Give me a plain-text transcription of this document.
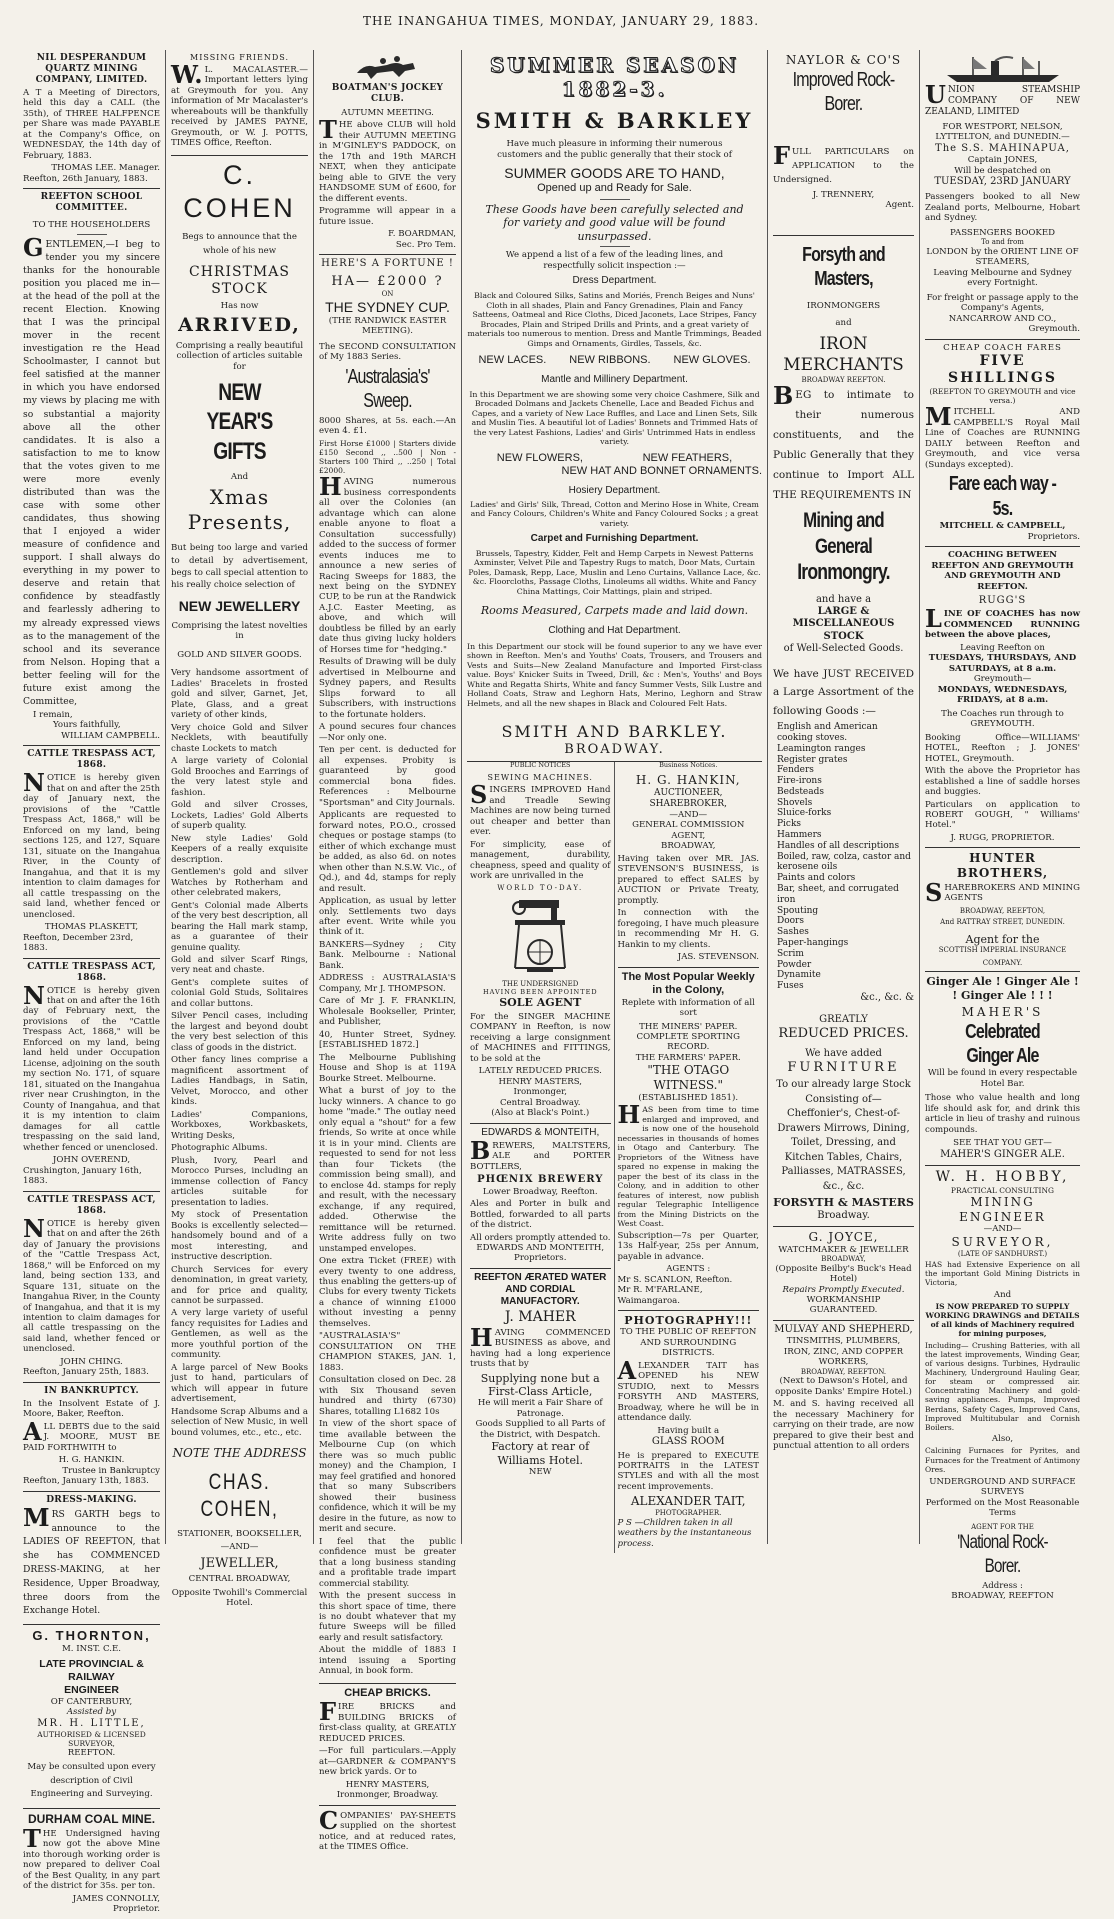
THE INANGAHUA TIMES, MONDAY, JANUARY 29, 1883.
NIL DESPERANDUM QUARTZ MINING COMPANY, LIMITED.

A T a Meeting of Directors, held this day a CALL (the 35th), of THREE HALFPENCE per Share was made PAYABLE at the Company's Office, on WEDNESDAY, the 14th day of February, 1883.

THOMAS LEE. Manager.
Reefton, 26th January, 1883.
REEFTON SCHOOL COMMITTEE.
TO THE HOUSEHOLDERS

GENTLEMEN,—I beg to tender you my sincere thanks for the honourable position you placed me in—at the head of the poll at the recent Election. Knowing that I was the principal mover in the recent investigation re the Head Schoolmaster, I cannot but feel satisfied at the manner in which you have endorsed my views by placing me with so substantial a majority above all the other candidates. It is also a satisfaction to me to know that the votes given to me were more evenly distributed than was the case with some other candidates, thus showing that I enjoyed a wider measure of confidence and support. I shall always do everything in my power to deserve and retain that confidence by steadfastly and fearlessly adhering to my already expressed views as to the management of the school and its severance from Nelson. Hoping that a better feeling will for the future exist among the Committee,

I remain,
Yours faithfully,
WILLIAM CAMPBELL.
CATTLE TRESPASS ACT, 1868.

NOTICE is hereby given that on and after the 25th day of January next, the provisions of the "Cattle Trespass Act, 1868," will be Enforced on my land, being sections 125, and 127, Square 131, situate on the Inangahua River, in the County of Inangahua, and that it is my intention to claim damages for all cattle trespassing on the said land, whether fenced or unenclosed.

THOMAS PLASKETT,
Reefton, December 23rd, 1883.
CATTLE TRESPASS ACT, 1868.

NOTICE is hereby given that on and after the 16th day of February next, the provisions of the "Cattle Trespass Act, 1868," will be Enforced on my land, being land held under Occupation License, adjoining on the south my section No. 171, of square 181, situated on the Inangahua river near Crushington, in the County of Inangahua, and that it is my intention to claim damages for all cattle trespassing on the said land, whether fenced or unenclosed.

JOHN OVEREND,
Crushington, January 16th, 1883.
CATTLE TRESPASS ACT, 1868.

NOTICE is hereby given that on and after the 26th day of January the provisions of the "Cattle Trespass Act, 1868," will be Enforced on my land, being section 133, and Square 131, situate on the Inangahua River, in the County of Inangahua, and that it is my intention to claim damages for all cattle trespassing on the said land, whether fenced or unenclosed.

JOHN CHING.
Reefton, January 25th, 1883.
IN BANKRUPTCY.

In the Insolvent Estate of J. Moore, Baker, Reefton.

ALL DEBTS due to the said J. MOORE, MUST BE PAID FORTHWITH to

H. G. HANKIN.
Trustee in Bankruptcy
Reefton, January 13th, 1883.
DRESS-MAKING.

MRS GARTH begs to announce to the LADIES OF REEFTON, that she has COMMENCED DRESS-MAKING, at her Residence, Upper Broadway, three doors from the Exchange Hotel.

G. THORNTON,
M. INST. C.E.
LATE PROVINCIAL & RAILWAY
ENGINEER
OF CANTERBURY,
Assisted by
MR. H. LITTLE,
AUTHORISED & LICENSED SURVEYOR,
REEFTON.

May be consulted upon every description of Civil Engineering and Surveying.

DURHAM COAL MINE.

THE Undersigned having now got the above Mine into thorough working order is now prepared to deliver Coal of the Best Quality, in any part of the district for 35s. per ton.

JAMES CONNOLLY,
Proprietor.
MISSING FRIENDS.

W.L. MACALASTER.—Important letters lying at Greymouth for you. Any information of Mr Macalaster's whereabouts will be thankfully received by JAMES PAYNE, Greymouth, or W. J. POTTS, TIMES Office, Reefton.

C. COHEN
Begs to announce that the whole of his new
CHRISTMAS STOCK
Has now
ARRIVED,
Comprising a really beautiful collection of articles suitable for
NEW YEAR'S GIFTS
And
Xmas Presents,

But being too large and varied to detail by advertisement, begs to call special attention to his really choice selection of

NEW JEWELLERY
Comprising the latest novelties in
GOLD AND SILVER GOODS.

Very handsome assortment of Ladies' Bracelets in frosted gold and silver, Garnet, Jet, Plate, Glass, and a great variety of other kinds,

Very choice Gold and Silver Necklets, with beautifully chaste Lockets to match

A large variety of Colonial Gold Brooches and Earrings of the very latest style and fashion.

Gold and silver Crosses, Lockets, Ladies' Gold Alberts of superb quality.

New style Ladies' Gold Keepers of a really exquisite description.

Gentlemen's gold and silver Watches by Rotherham and other celebrated makers,

Gent's Colonial made Alberts of the very best description, all bearing the Hall mark stamp, as a guarantee of their genuine quality.

Gold and silver Scarf Rings, very neat and chaste.

Gent's complete suites of colonial Gold Studs, Solitaires and collar buttons.

Silver Pencil cases, including the largest and beyond doubt the very best selection of this class of goods in the district.

Other fancy lines comprise a magnificent assortment of Ladies Handbags, in Satin, Velvet, Morocco, and other kinds.

Ladies' Companions, Workboxes, Workbaskets, Writing Desks,

Photographic Albums.

Plush, Ivory, Pearl and Morocco Purses, including an immense collection of Fancy articles suitable for presentation to ladies.

My stock of Presentation Books is excellently selected—handsomely bound and of a most interesting, and instructive description.

Church Services for every denomination, in great variety, and for price and quality, cannot be surpassed.

A very large variety of useful fancy requisites for Ladies and Gentlemen, as well as the more youthful portion of the community.

A large parcel of New Books just to hand, particulars of which will appear in future advertisement,

Handsome Scrap Albums and a selection of New Music, in well bound volumes, etc., etc., etc.

NOTE THE ADDRESS
CHAS. COHEN,
STATIONER, BOOKSELLER,
—AND—
JEWELLER,
CENTRAL BROADWAY,
Opposite Twohill's Commercial Hotel.
BOATMAN'S JOCKEY CLUB.
AUTUMN MEETING.

THE above CLUB will hold their AUTUMN MEETING in M'GINLEY'S PADDOCK, on the 17th and 19th MARCH NEXT, when they anticipate being able to GIVE the very HANDSOME SUM of £600, for the different events.

Programme will appear in a future issue.

F. BOARDMAN,
Sec. Pro Tem.
HERE'S A FORTUNE !
HA— £2000 ?
ON
THE SYDNEY CUP.
(THE RANDWICK EASTER MEETING).

The SECOND CONSULTATION of My 1883 Series.

'Australasia's' Sweep.

8000 Shares, at 5s. each.—An even 4. £1.

First Horse £1000 | Starters divide £150 Second ,, ..500 | Non - Starters 100 Third ,, ..250 | Total £2000.

HAVING numerous business correspondents all over the Colonies (an advantage which can alone enable anyone to float a Consultation successfully) added to the success of former events induces me to announce a new series of Racing Sweeps for 1883, the next being on the SYDNEY CUP, to be run at the Randwick A.J.C. Easter Meeting, as above, and which will doubtless be filled by an early date thus giving lucky holders of Horses time for "hedging."

Results of Drawing will be duly advertised in Melbourne and Sydney papers, and Results Slips forward to all Subscribers, with instructions to the fortunate holders.

A pound secures four chances—Nor only one.

Ten per cent. is deducted for all expenses. Probity is guaranteed by good commercial bona fides. References : Melbourne "Sportsman" and City Journals.

Applicants are requested to forward notes, P.O.O., crossed cheques or postage stamps (to either of which exchange must be added, as also 6d. on notes when other than N.S.W. Vic., of Qd.), and 4d, stamps for reply and result.

Application, as usual by letter only. Settlements two days after event. Write while you think of it.

BANKERS—Sydney ; City Bank. Melbourne : National Bank.

ADDRESS : AUSTRALASIA'S Company, Mr J. THOMPSON.

Care of Mr J. F. FRANKLIN, Wholesale Bookseller, Printer, and Publisher,

40, Hunter Street, Sydney. [ESTABLISHED 1872.]

The Melbourne Publishing House and Shop is at 119A Bourke Street. Melbourne.

What a burst of joy to the lucky winners. A chance to go home "made." The outlay need only equal a "shout" for a few friends, So write at once while it is in your mind. Clients are requested to send for not less than four Tickets (the commission being small), and to enclose 4d. stamps for reply and result, with the necessary exchange, if any required, added. Otherwise the remittance will be returned. Write address fully on two unstamped envelopes.

One extra Ticket (FREE) with every twenty to one address, thus enabling the getters-up of Clubs for every twenty Tickets a chance of winning £1000 without investing a penny themselves.

"AUSTRALASIA'S" CONSULTATION ON THE CHAMPION STAKES, JAN. 1, 1883.

Consultation closed on Dec. 28 with Six Thousand seven hundred and thirty (6730) Shares, totalling L1682 10s

In view of the short space of time available between the Melbourne Cup (on which there was so much public money) and the Champion, I may feel gratified and honored that so many Subscribers showed their business confidence, which it will be my desire in the future, as now to merit and secure.

I feel that the public confidence must be greater that a long business standing and a profitable trade impart commercial stability.

With the present success in this short space of time, there is no doubt whatever that my future Sweeps will be filled early and result satisfactory.

About the middle of 1883 I intend issuing a Sporting Annual, in book form.

CHEAP BRICKS.

FIRE BRICKS and BUILDING BRICKS of first-class quality, at GREATLY REDUCED PRICES.

—For full particulars.—Apply at—GARDNER & COMPANY'S new brick yards. Or to

HENRY MASTERS, Ironmonger, Broadway.

COMPANIES' PAY-SHEETS supplied on the shortest notice, and at reduced rates, at the TIMES Office.

SUMMER SEASON 1882-3.
SMITH & BARKLEY
Have much pleasure in informing their numerous customers and the public generally that their stock of
SUMMER GOODS ARE TO HAND,
Opened up and Ready for Sale.
These Goods have been carefully selected and for variety and good value will be found unsurpassed.
We append a list of a few of the leading lines, and respectfully solicit inspection :—
Dress Department.

Black and Coloured Silks, Satins and Moriés, French Beiges and Nuns' Cloth in all shades, Plain and Fancy Grenadines, Plain and Fancy Satteens, Oatmeal and Rice Cloths, Diced Jaconets, Lace Stripes, Fancy Brocades, Plain and Striped Drills and Prints, and a great variety of materials too numerous to mention. Dress and Mantle Trimmings, Beaded Gimps and Ornaments, Girdles, Tassels, &c.

NEW LACES. NEW RIBBONS. NEW GLOVES.
Mantle and Millinery Department.

In this Department we are showing some very choice Cashmere, Silk and Brocaded Dolmans and Jackets Chenelle, Lace and Beaded Fichus and Capes, and a variety of New Lace Ruffles, and Lace and Linen Sets, Silk and Muslin Ties. A beautiful lot of Ladies' Bonnets and Trimmed Hats of the very Latest Fashions, Ladies' and Girls' Untrimmed Hats in endless variety.

NEW FLOWERS,	NEW FEATHERS,
NEW HAT AND BONNET ORNAMENTS.
Hosiery Department.

Ladies' and Girls' Silk, Thread, Cotton and Merino Hose in White, Cream and Fancy Colours, Children's White and Fancy Coloured Socks ; a great variety.

Carpet and Furnishing Department.

Brussels, Tapestry, Kidder, Felt and Hemp Carpets in Newest Patterns Axminster, Velvet Pile and Tapestry Rugs to match, Door Mats, Curtain Poles, Damask, Repp, Lace, Muslin and Leno Curtains, Vallance Lace, &c. &c. Floorcloths, Passage Cloths, Linoleums all widths. White and Fancy China Mattings, Coir Mattings, plain and striped.

Rooms Measured, Carpets made and laid down.
Clothing and Hat Department.

In this Department our stock will be found superior to any we have ever shown in Reefton. Men's and Youths' Coats, Trousers, and Trousers and Vests and Suits—New Zealand Manufacture and Imported First-class value. Boys' Knicker Suits in Tweed, Drill, &c : Men's, Youths' and Boys White and Regatta Shirts, White and fancy Summer Vests, Silk Lustre and Holland Coats, Straw and Leghorn Hats, Merino, Leghorn and Straw Helmets, and all the new shapes in Black and Coloured Felt Hats.

SMITH AND BARKLEY.
BROADWAY.
PUBLIC NOTICES
SEWING MACHINES.

SINGERS IMPROVED Hand and Treadle Sewing Machines are now being turned out cheaper and better than ever.

For simplicity, ease of management, durability, cheapness, speed and quality of work are unrivalled in the

WORLD TO-DAY.
THE UNDERSIGNED
HAVING BEEN APPOINTED
SOLE AGENT

For the SINGER MACHINE COMPANY in Reefton, is now receiving a large consignment of MACHINES and FITTINGS, to be sold at the

LATELY REDUCED PRICES.
HENRY MASTERS,
Ironmonger,
Central Broadway.
(Also at Black's Point.)
EDWARDS & MONTEITH,

BREWERS, MALTSTERS, ALE and PORTER BOTTLERS,

PHŒNIX BREWERY
Lower Broadway, Reefton.

Ales and Porter in bulk and Bottled, forwarded to all parts of the district.

All orders promptly attended to.
EDWARDS AND MONTEITH, Proprietors.
REEFTON ÆRATED WATER AND CORDIAL MANUFACTORY.
J. MAHER

HAVING COMMENCED BUSINESS as above, and having had a long experience trusts that by

Supplying none but a First-Class Article,
He will merit a Fair Share of Patronage.
Goods Supplied to all Parts of the District, with Despatch.
Factory at rear of Williams Hotel.
NEW
Business Notices.
H. G. HANKIN,
AUCTIONEER, SHAREBROKER,
—AND—
GENERAL COMMISSION AGENT,
BROADWAY,

Having taken over MR. JAS. STEVENSON'S BUSINESS, is prepared to effect SALES by AUCTION or Private Treaty, promptly.

In connection with the foregoing, I have much pleasure in recommending Mr H. G. Hankin to my clients.

JAS. STEVENSON.
The Most Popular Weekly in the Colony,
Replete with information of all sort
THE MINERS' PAPER.
COMPLETE SPORTING RECORD.
THE FARMERS' PAPER.
"THE OTAGO WITNESS."
(ESTABLISHED 1851).

HAS been from time to time enlarged and improved, and is now one of the household necessaries in thousands of homes in Otago and Canterbury. The Proprietors of the Witness have spared no expense in making the paper the best of its class in the Colony, and in addition to other features of interest, now publish regular Telegraphic Intelligence from the Mining Districts on the West Coast.

Subscription—7s per Quarter, 13s Half-year, 25s per Annum, payable in advance.

AGENTS :
Mr S. SCANLON, Reefton.
Mr R. M'FARLANE, Waimangaroa.
PHOTOGRAPHY!!!
TO THE PUBLIC OF REEFTON AND SURROUNDING DISTRICTS.

ALEXANDER TAIT has OPENED his NEW STUDIO, next to Messrs FORSYTH AND MASTERS, Broadway, where he will be in attendance daily.

Having built a
GLASS ROOM

He is prepared to EXECUTE PORTRAITS in the LATEST STYLES and with all the most recent improvements.

ALEXANDER TAIT,
PHOTOGRAPHER.
P S —Children taken in all weathers by the instantaneous process.
NAYLOR & CO'S
Improved Rock-Borer.

FULL PARTICULARS on APPLICATION to the Undersigned.

J. TRENNERY,
Agent.
Forsyth and Masters,
IRONMONGERS
and
IRON MERCHANTS
BROADWAY REEFTON.

BEG to intimate to their numerous constituents, and the Public Generally that they continue to Import ALL THE REQUIREMENTS IN

Mining and General
Ironmongry.
and have a
LARGE & MISCELLANEOUS STOCK
of Well-Selected Goods.

We have JUST RECEIVED a Large Assortment of the following Goods :—

English and American cooking stoves.
Leamington ranges
Register grates
Fenders
Fire-irons
Bedsteads
Shovels
Sluice-forks
Picks
Hammers
Handles of all descriptions
Boiled, raw, colza, castor and kerosene oils
Paints and colors
Bar, sheet, and corrugated iron
Spouting
Doors
Sashes
Paper-hangings
Scrim
Powder
Dynamite
Fuses
&c., &c. &
GREATLY
REDUCED PRICES.
We have added
FURNITURE

To our already large Stock Consisting of— Cheffonier's, Chest-of-Drawers Mirrows, Dining, Toilet, Dressing, and Kitchen Tables, Chairs, Palliasses, MATRASSES, &c., &c.

FORSYTH & MASTERS
Broadway.
G. JOYCE,
WATCHMAKER & JEWELLER
BROADWAY,
(Opposite Beilby's Buck's Head Hotel)
Repairs Promptly Executed.
WORKMANSHIP GUARANTEED.
MULVAY AND SHEPHERD,
TINSMITHS, PLUMBERS, IRON, ZINC, AND COPPER WORKERS,
BROADWAY, REEFTON.
(Next to Dawson's Hotel, and opposite Danks' Empire Hotel.)

M. and S. having received all the necessary Machinery for carrying on their trade, are now prepared to give their best and punctual attention to all orders

UNION STEAMSHIP COMPANY OF NEW ZEALAND, LIMITED

FOR WESTPORT, NELSON, LYTTELTON, and DUNEDIN.—
The S.S. MAHINAPUA,
Captain JONES,
Will be despatched on
TUESDAY, 23RD JANUARY

Passengers booked to all New Zealand ports, Melbourne, Hobart and Sydney.

PASSENGERS BOOKED
To and from
LONDON by the ORIENT LINE OF STEAMERS,
Leaving Melbourne and Sydney every Fortnight.
For freight or passage apply to the Company's Agents,
NANCARROW AND CO.,
Greymouth.
CHEAP COACH FARES
FIVE SHILLINGS
(REEFTON TO GREYMOUTH and vice versa.)

MITCHELL AND CAMPBELL'S Royal Mail Line of Coaches are RUNNING DAILY between Reefton and Greymouth, and vice versa (Sundays excepted).

Fare each way - 5s.
MITCHELL & CAMPBELL,
Proprietors.
COACHING BETWEEN REEFTON AND GREYMOUTH AND GREYMOUTH AND REEFTON.
RUGG'S

LINE OF COACHES has now COMMENCED RUNNING between the above places,

Leaving Reefton on
TUESDAYS, THURSDAYS, AND SATURDAYS, at 8 a.m.
Greymouth—
MONDAYS, WEDNESDAYS, FRIDAYS, at 8 a.m.
The Coaches run through to GREYMOUTH.

Booking Office—WILLIAMS' HOTEL, Reefton ; J. JONES' HOTEL, Greymouth.

With the above the Proprietor has established a line of saddle horses and buggies.

Particulars on application to ROBERT GOUGH, " Williams' Hotel."

J. RUGG, PROPRIETOR.
HUNTER BROTHERS,

SHAREBROKERS AND MINING AGENTS

BROADWAY, REEFTON,
And RATTRAY STREET, DUNEDIN.
Agent for the
SCOTTISH IMPERIAL INSURANCE
COMPANY.
Ginger Ale ! Ginger Ale ! ! Ginger Ale ! ! !
MAHER'S
Celebrated Ginger Ale
Will be found in every respectable Hotel Bar.

Those who value health and long life should ask for, and drink this article in lieu of trashy and ruinous compounds.

SEE THAT YOU GET—
MAHER'S GINGER ALE.
W. H. HOBBY,
PRACTICAL CONSULTING
MINING ENGINEER
—AND—
SURVEYOR,
(LATE OF SANDHURST.)

HAS had Extensive Experience on all the important Gold Mining Districts in Victoria,

And

IS NOW PREPARED TO SUPPLY WORKING DRAWINGS and DETAILS of all kinds of Machinery required for mining purposes,

Including— Crushing Batteries, with all the latest improvements, Winding Gear, of various designs. Turbines, Hydraulic Machinery, Underground Hauling Gear, for steam or compressed air. Concentrating Machinery and gold-saving appliances. Pumps, Improved Berdans, Safety Cages, Improved Cans, Improved Multitubular and Cornish Boilers.

Also,

Calcining Furnaces for Pyrites, and Furnaces for the Treatment of Antimony Ores.

UNDERGROUND AND SURFACE SURVEYS
Performed on the Most Reasonable Terms
AGENT FOR THE
'National Rock-Borer.
Address :
BROADWAY, REEFTON
